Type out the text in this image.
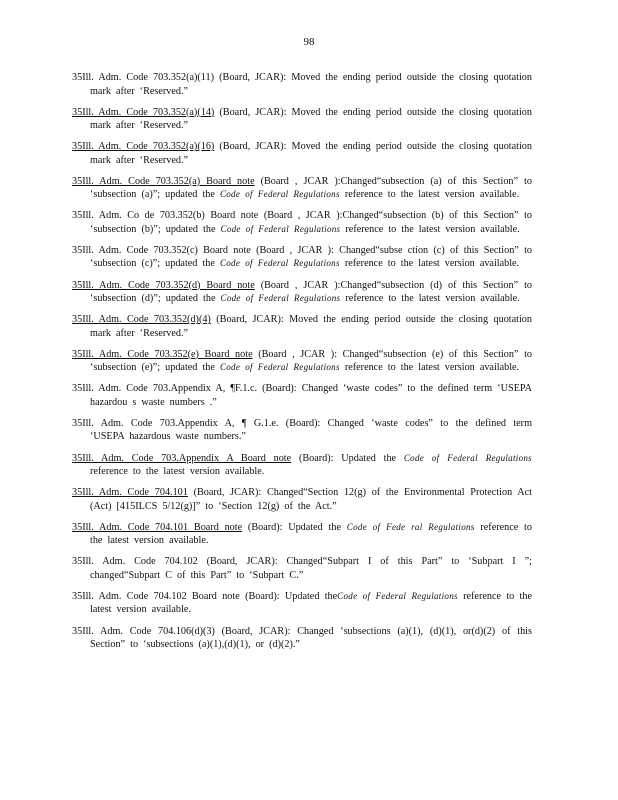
98

35Ill. Adm. Code 703.352(a)(11) (Board, JCAR): Moved the ending period outside the closing quotation mark after ‘Reserved.”

35Ill. Adm. Code 703.352(a)(14) (Board, JCAR): Moved the ending period outside the closing quotation mark after ‘Reserved.”

35Ill. Adm. Code 703.352(a)(16) (Board, JCAR): Moved the ending period outside the closing quotation mark after ‘Reserved.”

35Ill. Adm. Code 703.352(a) Board note (Board , JCAR ):Changed“subsection (a) of this Section” to ‘subsection (a)”; updated the Code of Federal Regulations reference to the latest version available.

35Ill. Adm. Co de 703.352(b) Board note (Board , JCAR ):Changed“subsection (b) of this Section” to ‘subsection (b)”; updated the Code of Federal Regulations reference to the latest version available.

35Ill. Adm. Code 703.352(c) Board note (Board , JCAR ): Changed“subse ction (c) of this Section” to ‘subsection (c)”; updated the Code of Federal Regulations reference to the latest version available.

35Ill. Adm. Code 703.352(d) Board note (Board , JCAR ):Changed“subsection (d) of this Section” to ‘subsection (d)”; updated the Code of Federal Regulations reference to the latest version available.

35Ill. Adm. Code 703.352(d)(4) (Board, JCAR): Moved the ending period outside the closing quotation mark after ‘Reserved.”

35Ill. Adm. Code 703.352(e) Board note (Board , JCAR ): Changed“subsection (e) of this Section” to ‘subsection (e)”; updated the Code of Federal Regulations reference to the latest version available.

35Ill. Adm. Code 703.Appendix A, ¶F.1.c. (Board): Changed ‘waste codes” to the defined term ‘USEPA hazardou s waste numbers .”

35Ill. Adm. Code 703.Appendix A, ¶ G.1.e. (Board): Changed ‘waste codes” to the defined term ‘USEPA hazardous waste numbers.”

35Ill. Adm. Code 703.Appendix A Board note (Board): Updated the Code of Federal Regulations reference to the latest version available.

35Ill. Adm. Code 704.101 (Board, JCAR): Changed“Section 12(g) of the Environmental Protection Act (Act) [415ILCS 5/12(g)]” to ‘Section 12(g) of the Act.”

35Ill. Adm. Code 704.101 Board note (Board): Updated the Code of Fede ral Regulations reference to the latest version available.

35Ill. Adm. Code 704.102 (Board, JCAR): Changed“Subpart I of this Part” to ‘Subpart I ”; changed“Subpart C of this Part” to ‘Subpart C.”

35Ill. Adm. Code 704.102 Board note (Board): Updated theCode of Federal Regulations reference to the latest version available.

35Ill. Adm. Code 704.106(d)(3) (Board, JCAR): Changed ‘subsections (a)(1), (d)(1), or(d)(2) of this Section” to ‘subsections (a)(1),(d)(1), or (d)(2).”
